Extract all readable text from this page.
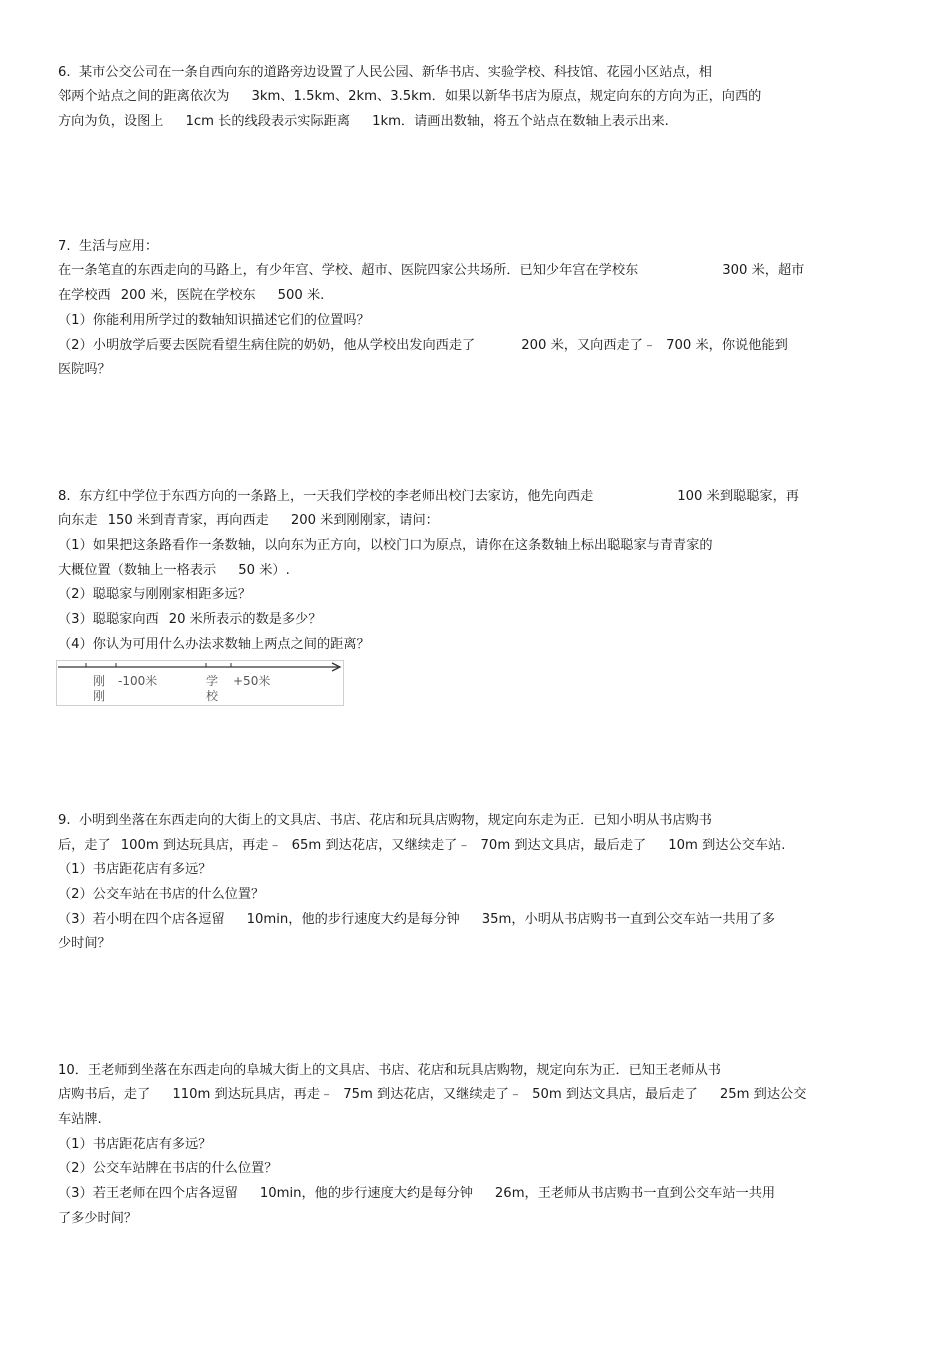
6.  某市公交公司在一条自西向东的道路旁边设置了人民公园、新华书店、实验学校、科技馆、花园小区站点，相
邻两个站点之间的距离依次为 3km、1.5km、2km、3.5km．如果以新华书店为原点，规定向东的方向为正，向西的
方向为负，设图上 1cm 长的线段表示实际距离 1km．请画出数轴，将五个站点在数轴上表示出来.
7.  生活与应用：
在一条笔直的东西走向的马路上，有少年宫、学校、超市、医院四家公共场所．已知少年宫在学校东	300 米，超市
在学校西 200 米，医院在学校东 500 米.
（1）你能利用所学过的数轴知识描述它们的位置吗？
（2）小明放学后要去医院看望生病住院的奶奶，他从学校出发向西走了	200 米，又向西走了﹣ 700 米，你说他能到
医院吗？
8.  东方红中学位于东西方向的一条路上，一天我们学校的李老师出校门去家访，他先向西走	100 米到聪聪家，再
向东走 150 米到青青家，再向西走 200 米到刚刚家，请问：
（1）如果把这条路看作一条数轴，以向东为正方向，以校门口为原点，请你在这条数轴上标出聪聪家与青青家的
大概位置（数轴上一格表示 50 米）.
（2）聪聪家与刚刚家相距多远？
（3）聪聪家向西 20 米所表示的数是多少？
（4）你认为可用什么办法求数轴上两点之间的距离？
刚
刚
-100米	学
校
+50米
9.  小明到坐落在东西走向的大街上的文具店、书店、花店和玩具店购物，规定向东走为正．已知小明从书店购书
后，走了 100m 到达玩具店，再走﹣ 65m 到达花店，又继续走了﹣ 70m 到达文具店，最后走了 10m 到达公交车站.
（1）书店距花店有多远？
（2）公交车站在书店的什么位置？
（3）若小明在四个店各逗留 10min，他的步行速度大约是每分钟 35m，小明从书店购书一直到公交车站一共用了多
少时间？
10．王老师到坐落在东西走向的阜城大街上的文具店、书店、花店和玩具店购物，规定向东为正．已知王老师从书
店购书后，走了 110m 到达玩具店，再走﹣ 75m 到达花店，又继续走了﹣ 50m 到达文具店，最后走了 25m 到达公交
车站牌.
（1）书店距花店有多远？
（2）公交车站牌在书店的什么位置？
（3）若王老师在四个店各逗留 10min，他的步行速度大约是每分钟 26m，王老师从书店购书一直到公交车站一共用
了多少时间？
